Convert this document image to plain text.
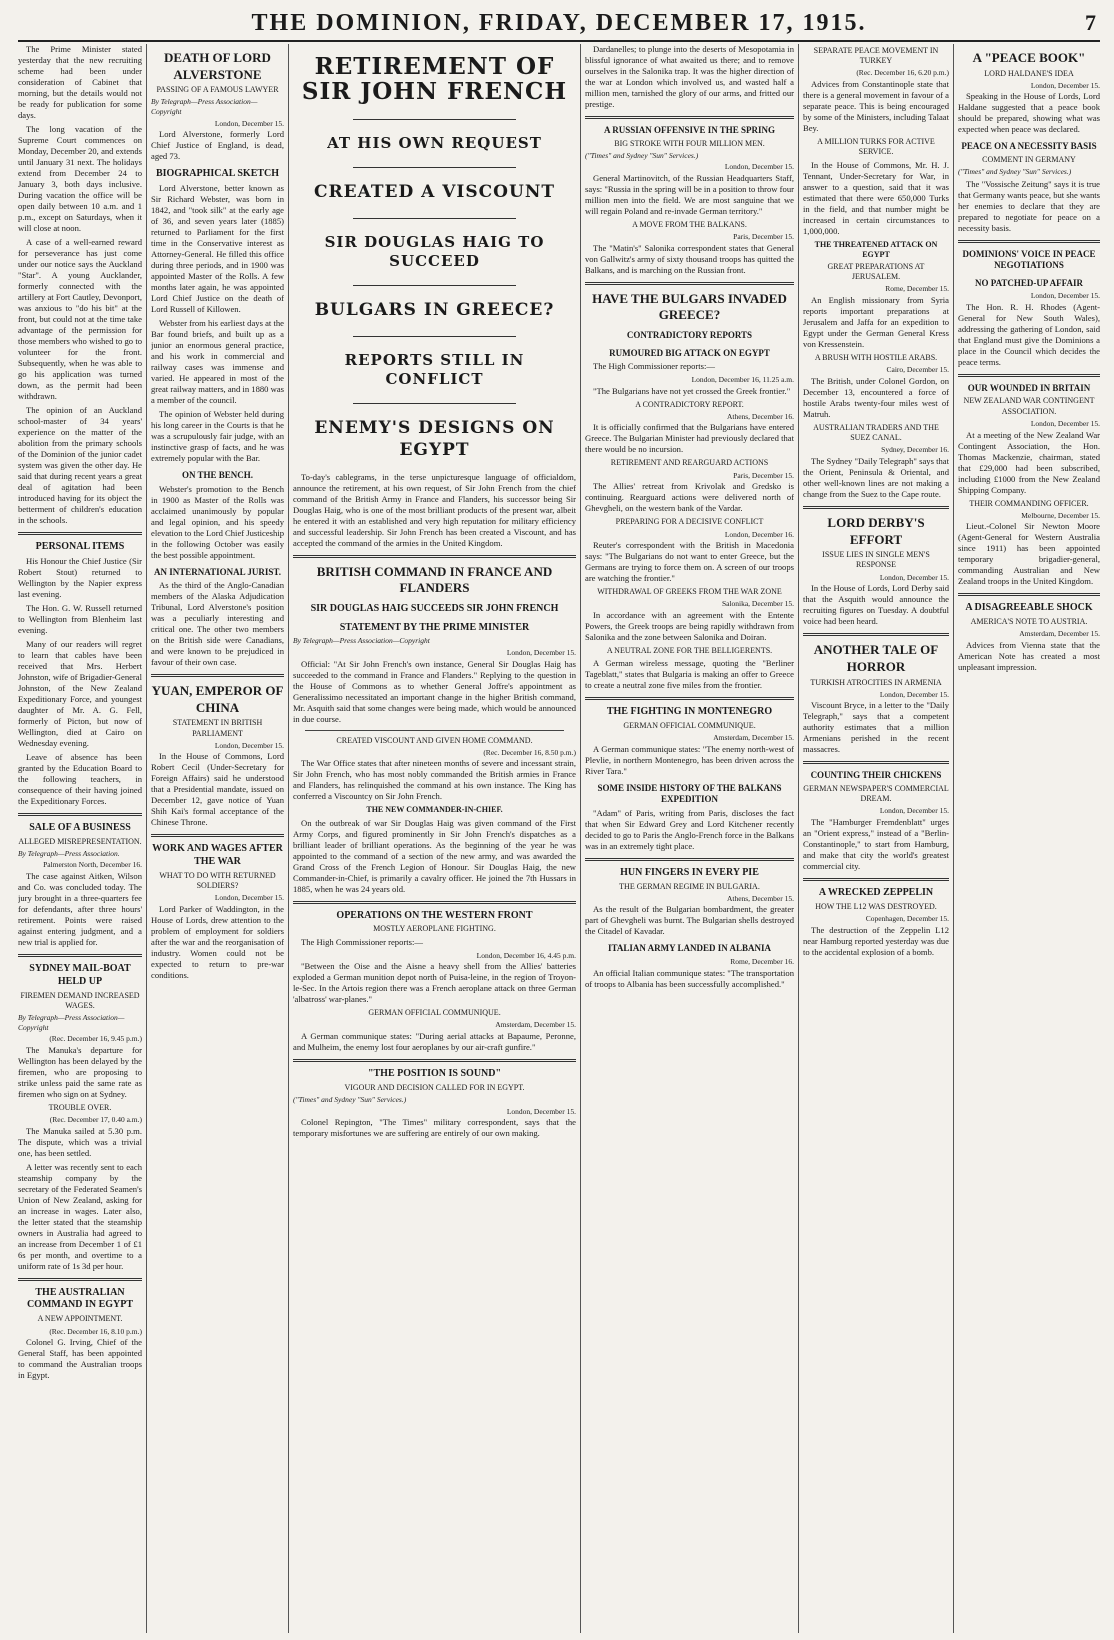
THE DOMINION, FRIDAY, DECEMBER 17, 1915.	7

The Prime Minister stated yesterday that the new recruiting scheme had been under consideration of Cabinet that morning, but the details would not be ready for publication for some days.

The long vacation of the Supreme Court commences on Monday, December 20, and extends until January 31 next. The holidays extend from December 24 to January 3, both days inclusive. During vacation the office will be open daily between 10 a.m. and 1 p.m., except on Saturdays, when it will close at noon.

A case of a well-earned reward for perseverance has just come under our notice says the Auckland "Star". A young Aucklander, formerly connected with the artillery at Fort Cautley, Devonport, was anxious to "do his bit" at the front, but could not at the time take advantage of the permission for those members who wished to go to volunteer for the front. Subsequently, when he was able to go his application was turned down, as the permit had been withdrawn.

The opinion of an Auckland school-master of 34 years' experience on the matter of the abolition from the primary schools of the Dominion of the junior cadet system was given the other day. He said that during recent years a great deal of agitation had been introduced having for its object the betterment of children's education in the schools.

PERSONAL ITEMS

His Honour the Chief Justice (Sir Robert Stout) returned to Wellington by the Napier express last evening.

The Hon. G. W. Russell returned to Wellington from Blenheim last evening.

Many of our readers will regret to learn that cables have been received that Mrs. Herbert Johnston, wife of Brigadier-General Johnston, of the New Zealand Expeditionary Force, and youngest daughter of Mr. A. G. Fell, formerly of Picton, but now of Wellington, died at Cairo on Wednesday evening.

Leave of absence has been granted by the Education Board to the following teachers, in consequence of their having joined the Expeditionary Forces.

SALE OF A BUSINESS
ALLEGED MISREPRESENTATION.

By Telegraph—Press Association.

Palmerston North, December 16.

The case against Aitken, Wilson and Co. was concluded today. The jury brought in a three-quarters fee for defendants, after three hours' retirement. Points were raised against entering judgment, and a new trial is applied for.

SYDNEY MAIL-BOAT HELD UP
FIREMEN DEMAND INCREASED WAGES.

By Telegraph—Press Association—Copyright

(Rec. December 16, 9.45 p.m.)

The Manuka's departure for Wellington has been delayed by the firemen, who are proposing to strike unless paid the same rate as firemen who sign on at Sydney.

TROUBLE OVER.

(Rec. December 17, 0.40 a.m.)

The Manuka sailed at 5.30 p.m. The dispute, which was a trivial one, has been settled.

A letter was recently sent to each steamship company by the secretary of the Federated Seamen's Union of New Zealand, asking for an increase in wages. Later also, the letter stated that the steamship owners in Australia had agreed to an increase from December 1 of £1 6s per month, and overtime to a uniform rate of 1s 3d per hour.

THE AUSTRALIAN COMMAND IN EGYPT
A NEW APPOINTMENT.

(Rec. December 16, 8.10 p.m.)

Colonel G. Irving, Chief of the General Staff, has been appointed to command the Australian troops in Egypt.

DEATH OF LORD ALVERSTONE
PASSING OF A FAMOUS LAWYER

By Telegraph—Press Association—Copyright

London, December 15.

Lord Alverstone, formerly Lord Chief Justice of England, is dead, aged 73.

BIOGRAPHICAL SKETCH

Lord Alverstone, better known as Sir Richard Webster, was born in 1842, and "took silk" at the early age of 36, and seven years later (1885) returned to Parliament for the first time in the Conservative interest as Attorney-General. He filled this office during three periods, and in 1900 was appointed Master of the Rolls. A few months later again, he was appointed Lord Chief Justice on the death of Lord Russell of Killowen.

Webster from his earliest days at the Bar found briefs, and built up as a junior an enormous general practice, and his work in commercial and railway cases was immense and varied. He appeared in most of the great railway matters, and in 1880 was a member of the council.

The opinion of Webster held during his long career in the Courts is that he was a scrupulously fair judge, with an instinctive grasp of facts, and he was extremely popular with the Bar.

ON THE BENCH.

Webster's promotion to the Bench in 1900 as Master of the Rolls was acclaimed unanimously by popular and legal opinion, and his speedy elevation to the Lord Chief Justiceship in the following October was easily the best possible appointment.

AN INTERNATIONAL JURIST.

As the third of the Anglo-Canadian members of the Alaska Adjudication Tribunal, Lord Alverstone's position was a peculiarly interesting and critical one. The other two members on the British side were Canadians, and were known to be prejudiced in favour of their own case.

YUAN, EMPEROR OF CHINA
STATEMENT IN BRITISH PARLIAMENT

London, December 15.

In the House of Commons, Lord Robert Cecil (Under-Secretary for Foreign Affairs) said he understood that a Presidential mandate, issued on December 12, gave notice of Yuan Shih Kai's formal acceptance of the Chinese Throne.

WORK AND WAGES AFTER THE WAR
WHAT TO DO WITH RETURNED SOLDIERS?

London, December 15.

Lord Parker of Waddington, in the House of Lords, drew attention to the problem of employment for soldiers after the war and the reorganisation of industry. Women could not be expected to return to pre-war conditions.

RETIREMENT OF SIR JOHN FRENCH
AT HIS OWN REQUEST
CREATED A VISCOUNT
SIR DOUGLAS HAIG TO SUCCEED
BULGARS IN GREECE?
REPORTS STILL IN CONFLICT
ENEMY'S DESIGNS ON EGYPT

To-day's cablegrams, in the terse unpicturesque language of officialdom, announce the retirement, at his own request, of Sir John French from the chief command of the British Army in France and Flanders, his successor being Sir Douglas Haig, who is one of the most brilliant products of the present war, albeit he entered it with an established and very high reputation for military efficiency and successful leadership. Sir John French has been created a Viscount, and has accepted the command of the armies in the United Kingdom.

BRITISH COMMAND IN FRANCE AND FLANDERS
SIR DOUGLAS HAIG SUCCEEDS SIR JOHN FRENCH
STATEMENT BY THE PRIME MINISTER

By Telegraph—Press Association—Copyright

London, December 15.

Official: "At Sir John French's own instance, General Sir Douglas Haig has succeeded to the command in France and Flanders." Replying to the question in the House of Commons as to whether General Joffre's appointment as Generalissimo necessitated an important change in the higher British command, Mr. Asquith said that some changes were being made, which would be announced in due course.

CREATED VISCOUNT AND GIVEN HOME COMMAND.

(Rec. December 16, 8.50 p.m.)

The War Office states that after nineteen months of severe and incessant strain, Sir John French, who has most nobly commanded the British armies in France and Flanders, has relinquished the command at his own instance. The King has conferred a Viscountcy on Sir John French.

THE NEW COMMANDER-IN-CHIEF.

On the outbreak of war Sir Douglas Haig was given command of the First Army Corps, and figured prominently in Sir John French's dispatches as a brilliant leader of brilliant operations. As the beginning of the year he was appointed to the command of a section of the new army, and was awarded the Grand Cross of the French Legion of Honour. Sir Douglas Haig, the new Commander-in-Chief, is primarily a cavalry officer. He joined the 7th Hussars in 1885, when he was 24 years old.

OPERATIONS ON THE WESTERN FRONT
MOSTLY AEROPLANE FIGHTING.

The High Commissioner reports:—

London, December 16, 4.45 p.m.

"Between the Oise and the Aisne a heavy shell from the Allies' batteries exploded a German munition depot north of Puisa-leine, in the region of Troyon-le-Sec. In the Artois region there was a French aeroplane attack on three German 'albatross' war-planes."

GERMAN OFFICIAL COMMUNIQUE.

Amsterdam, December 15.

A German communique states: "During aerial attacks at Bapaume, Peronne, and Mulheim, the enemy lost four aeroplanes by our air-craft gunfire."

"THE POSITION IS SOUND"
VIGOUR AND DECISION CALLED FOR IN EGYPT.

("Times" and Sydney "Sun" Services.)

London, December 15.

Colonel Repington, "The Times" military correspondent, says that the temporary misfortunes we are suffering are entirely of our own making.

Dardanelles; to plunge into the deserts of Mesopotamia in blissful ignorance of what awaited us there; and to remove ourselves in the Salonika trap. It was the higher direction of the war at London which involved us, and wasted half a million men, tarnished the glory of our arms, and fritted our prestige.

A RUSSIAN OFFENSIVE IN THE SPRING
BIG STROKE WITH FOUR MILLION MEN.

("Times" and Sydney "Sun" Services.)

London, December 15.

General Martinovitch, of the Russian Headquarters Staff, says: "Russia in the spring will be in a position to throw four million men into the field. We are most sanguine that we will regain Poland and re-invade German territory."

A MOVE FROM THE BALKANS.

Paris, December 15.

The "Matin's" Salonika correspondent states that General von Gallwitz's army of sixty thousand troops has quitted the Balkans, and is marching on the Russian front.

HAVE THE BULGARS INVADED GREECE?
CONTRADICTORY REPORTS
RUMOURED BIG ATTACK ON EGYPT

The High Commissioner reports:—

London, December 16, 11.25 a.m.

"The Bulgarians have not yet crossed the Greek frontier."

A CONTRADICTORY REPORT.

Athens, December 16.

It is officially confirmed that the Bulgarians have entered Greece. The Bulgarian Minister had previously declared that there would be no incursion.

RETIREMENT AND REARGUARD ACTIONS

Paris, December 15.

The Allies' retreat from Krivolak and Gredsko is continuing. Rearguard actions were delivered north of Ghevgheli, on the western bank of the Vardar.

PREPARING FOR A DECISIVE CONFLICT

London, December 16.

Reuter's correspondent with the British in Macedonia says: "The Bulgarians do not want to enter Greece, but the Germans are trying to force them on. A screen of our troops are watching the frontier."

WITHDRAWAL OF GREEKS FROM THE WAR ZONE

Salonika, December 15.

In accordance with an agreement with the Entente Powers, the Greek troops are being rapidly withdrawn from Salonika and the zone between Salonika and Doiran.

A NEUTRAL ZONE FOR THE BELLIGERENTS.

A German wireless message, quoting the "Berliner Tageblatt," states that Bulgaria is making an offer to Greece to create a neutral zone five miles from the frontier.

THE FIGHTING IN MONTENEGRO
GERMAN OFFICIAL COMMUNIQUE.

Amsterdam, December 15.

A German communique states: "The enemy north-west of Plevlie, in northern Montenegro, has been driven across the River Tara."

SOME INSIDE HISTORY OF THE BALKANS EXPEDITION

"Adam" of Paris, writing from Paris, discloses the fact that when Sir Edward Grey and Lord Kitchener recently decided to go to Paris the Anglo-French force in the Balkans was in an extremely tight place.

HUN FINGERS IN EVERY PIE
THE GERMAN REGIME IN BULGARIA.

Athens, December 15.

As the result of the Bulgarian bombardment, the greater part of Ghevgheli was burnt. The Bulgarian shells destroyed the Citadel of Kavadar.

ITALIAN ARMY LANDED IN ALBANIA

Rome, December 16.

An official Italian communique states: "The transportation of troops to Albania has been successfully accomplished."

SEPARATE PEACE MOVEMENT IN TURKEY

(Rec. December 16, 6.20 p.m.)

Advices from Constantinople state that there is a general movement in favour of a separate peace. This is being encouraged by some of the Ministers, including Talaat Bey.

A MILLION TURKS FOR ACTIVE SERVICE.

In the House of Commons, Mr. H. J. Tennant, Under-Secretary for War, in answer to a question, said that it was estimated that there were 650,000 Turks in the field, and that number might be increased in certain circumstances to 1,000,000.

THE THREATENED ATTACK ON EGYPT
GREAT PREPARATIONS AT JERUSALEM.

Rome, December 15.

An English missionary from Syria reports important preparations at Jerusalem and Jaffa for an expedition to Egypt under the German General Kress von Kressenstein.

A BRUSH WITH HOSTILE ARABS.

Cairo, December 15.

The British, under Colonel Gordon, on December 13, encountered a force of hostile Arabs twenty-four miles west of Matruh.

AUSTRALIAN TRADERS AND THE SUEZ CANAL.

Sydney, December 16.

The Sydney "Daily Telegraph" says that the Orient, Peninsula & Oriental, and other well-known lines are not making a change from the Suez to the Cape route.

LORD DERBY'S EFFORT
ISSUE LIES IN SINGLE MEN'S RESPONSE

London, December 15.

In the House of Lords, Lord Derby said that the Asquith would announce the recruiting figures on Tuesday. A doubtful voice had been heard.

ANOTHER TALE OF HORROR
TURKISH ATROCITIES IN ARMENIA

London, December 15.

Viscount Bryce, in a letter to the "Daily Telegraph," says that a competent authority estimates that a million Armenians perished in the recent massacres.

COUNTING THEIR CHICKENS
GERMAN NEWSPAPER'S COMMERCIAL DREAM.

London, December 15.

The "Hamburger Fremdenblatt" urges an "Orient express," instead of a "Berlin-Constantinople," to start from Hamburg, and make that city the world's greatest commercial city.

A WRECKED ZEPPELIN
HOW THE L12 WAS DESTROYED.

Copenhagen, December 15.

The destruction of the Zeppelin L12 near Hamburg reported yesterday was due to the accidental explosion of a bomb.

A "PEACE BOOK"
LORD HALDANE'S IDEA

London, December 15.

Speaking in the House of Lords, Lord Haldane suggested that a peace book should be prepared, showing what was expected when peace was declared.

PEACE ON A NECESSITY BASIS
COMMENT IN GERMANY

("Times" and Sydney "Sun" Services.)

The "Vossische Zeitung" says it is true that Germany wants peace, but she wants her enemies to declare that they are prepared to negotiate for peace on a necessity basis.

DOMINIONS' VOICE IN PEACE NEGOTIATIONS
NO PATCHED-UP AFFAIR

London, December 15.

The Hon. R. H. Rhodes (Agent-General for New South Wales), addressing the gathering of London, said that England must give the Dominions a place in the Council which decides the peace terms.

OUR WOUNDED IN BRITAIN
NEW ZEALAND WAR CONTINGENT ASSOCIATION.

London, December 15.

At a meeting of the New Zealand War Contingent Association, the Hon. Thomas Mackenzie, chairman, stated that £29,000 had been subscribed, including £1000 from the New Zealand Shipping Company.

THEIR COMMANDING OFFICER.

Melbourne, December 15.

Lieut.-Colonel Sir Newton Moore (Agent-General for Western Australia since 1911) has been appointed temporary brigadier-general, commanding Australian and New Zealand troops in the United Kingdom.

A DISAGREEABLE SHOCK
AMERICA'S NOTE TO AUSTRIA.

Amsterdam, December 15.

Advices from Vienna state that the American Note has created a most unpleasant impression.
